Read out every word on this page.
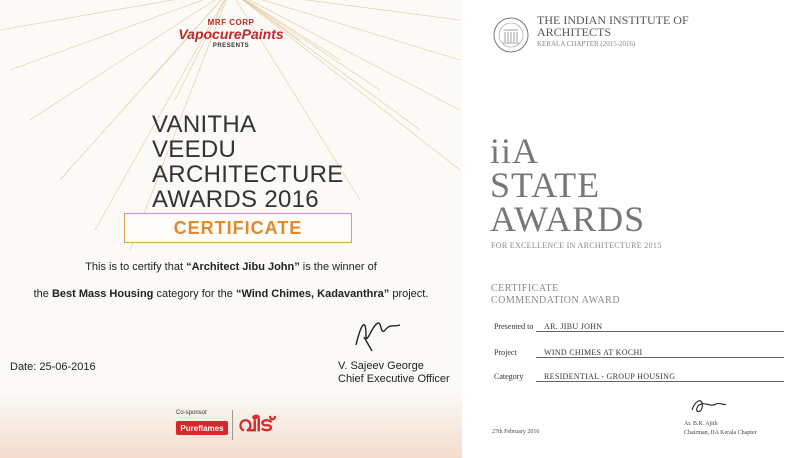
MRF CORP
VapocurePaints
PRESENTS
VANITHA
VEEDU
ARCHITECTURE
AWARDS 2016
CERTIFICATE
This is to certify that “Architect Jibu John” is the winner of
the Best Mass Housing category for the “Wind Chimes, Kadavanthra” project.
V. Sajeev George
Chief Executive Officer
Date: 25-06-2016
Co-sponsor
Pureflames വീട്
THE INDIAN INSTITUTE OF
ARCHITECTS
KERALA CHAPTER (2015-2016)
iiA
STATE
AWARDS
FOR EXCELLENCE IN ARCHITECTURE 2015
CERTIFICATE
COMMENDATION AWARD
Presented to AR. JIBU JOHN
Project	WIND CHIMES AT KOCHI
Category	RESIDENTIAL - GROUP HOUSING
27th February 2016
Ar. B.R. Ajith
Chairman, IIA Kerala Chapter
